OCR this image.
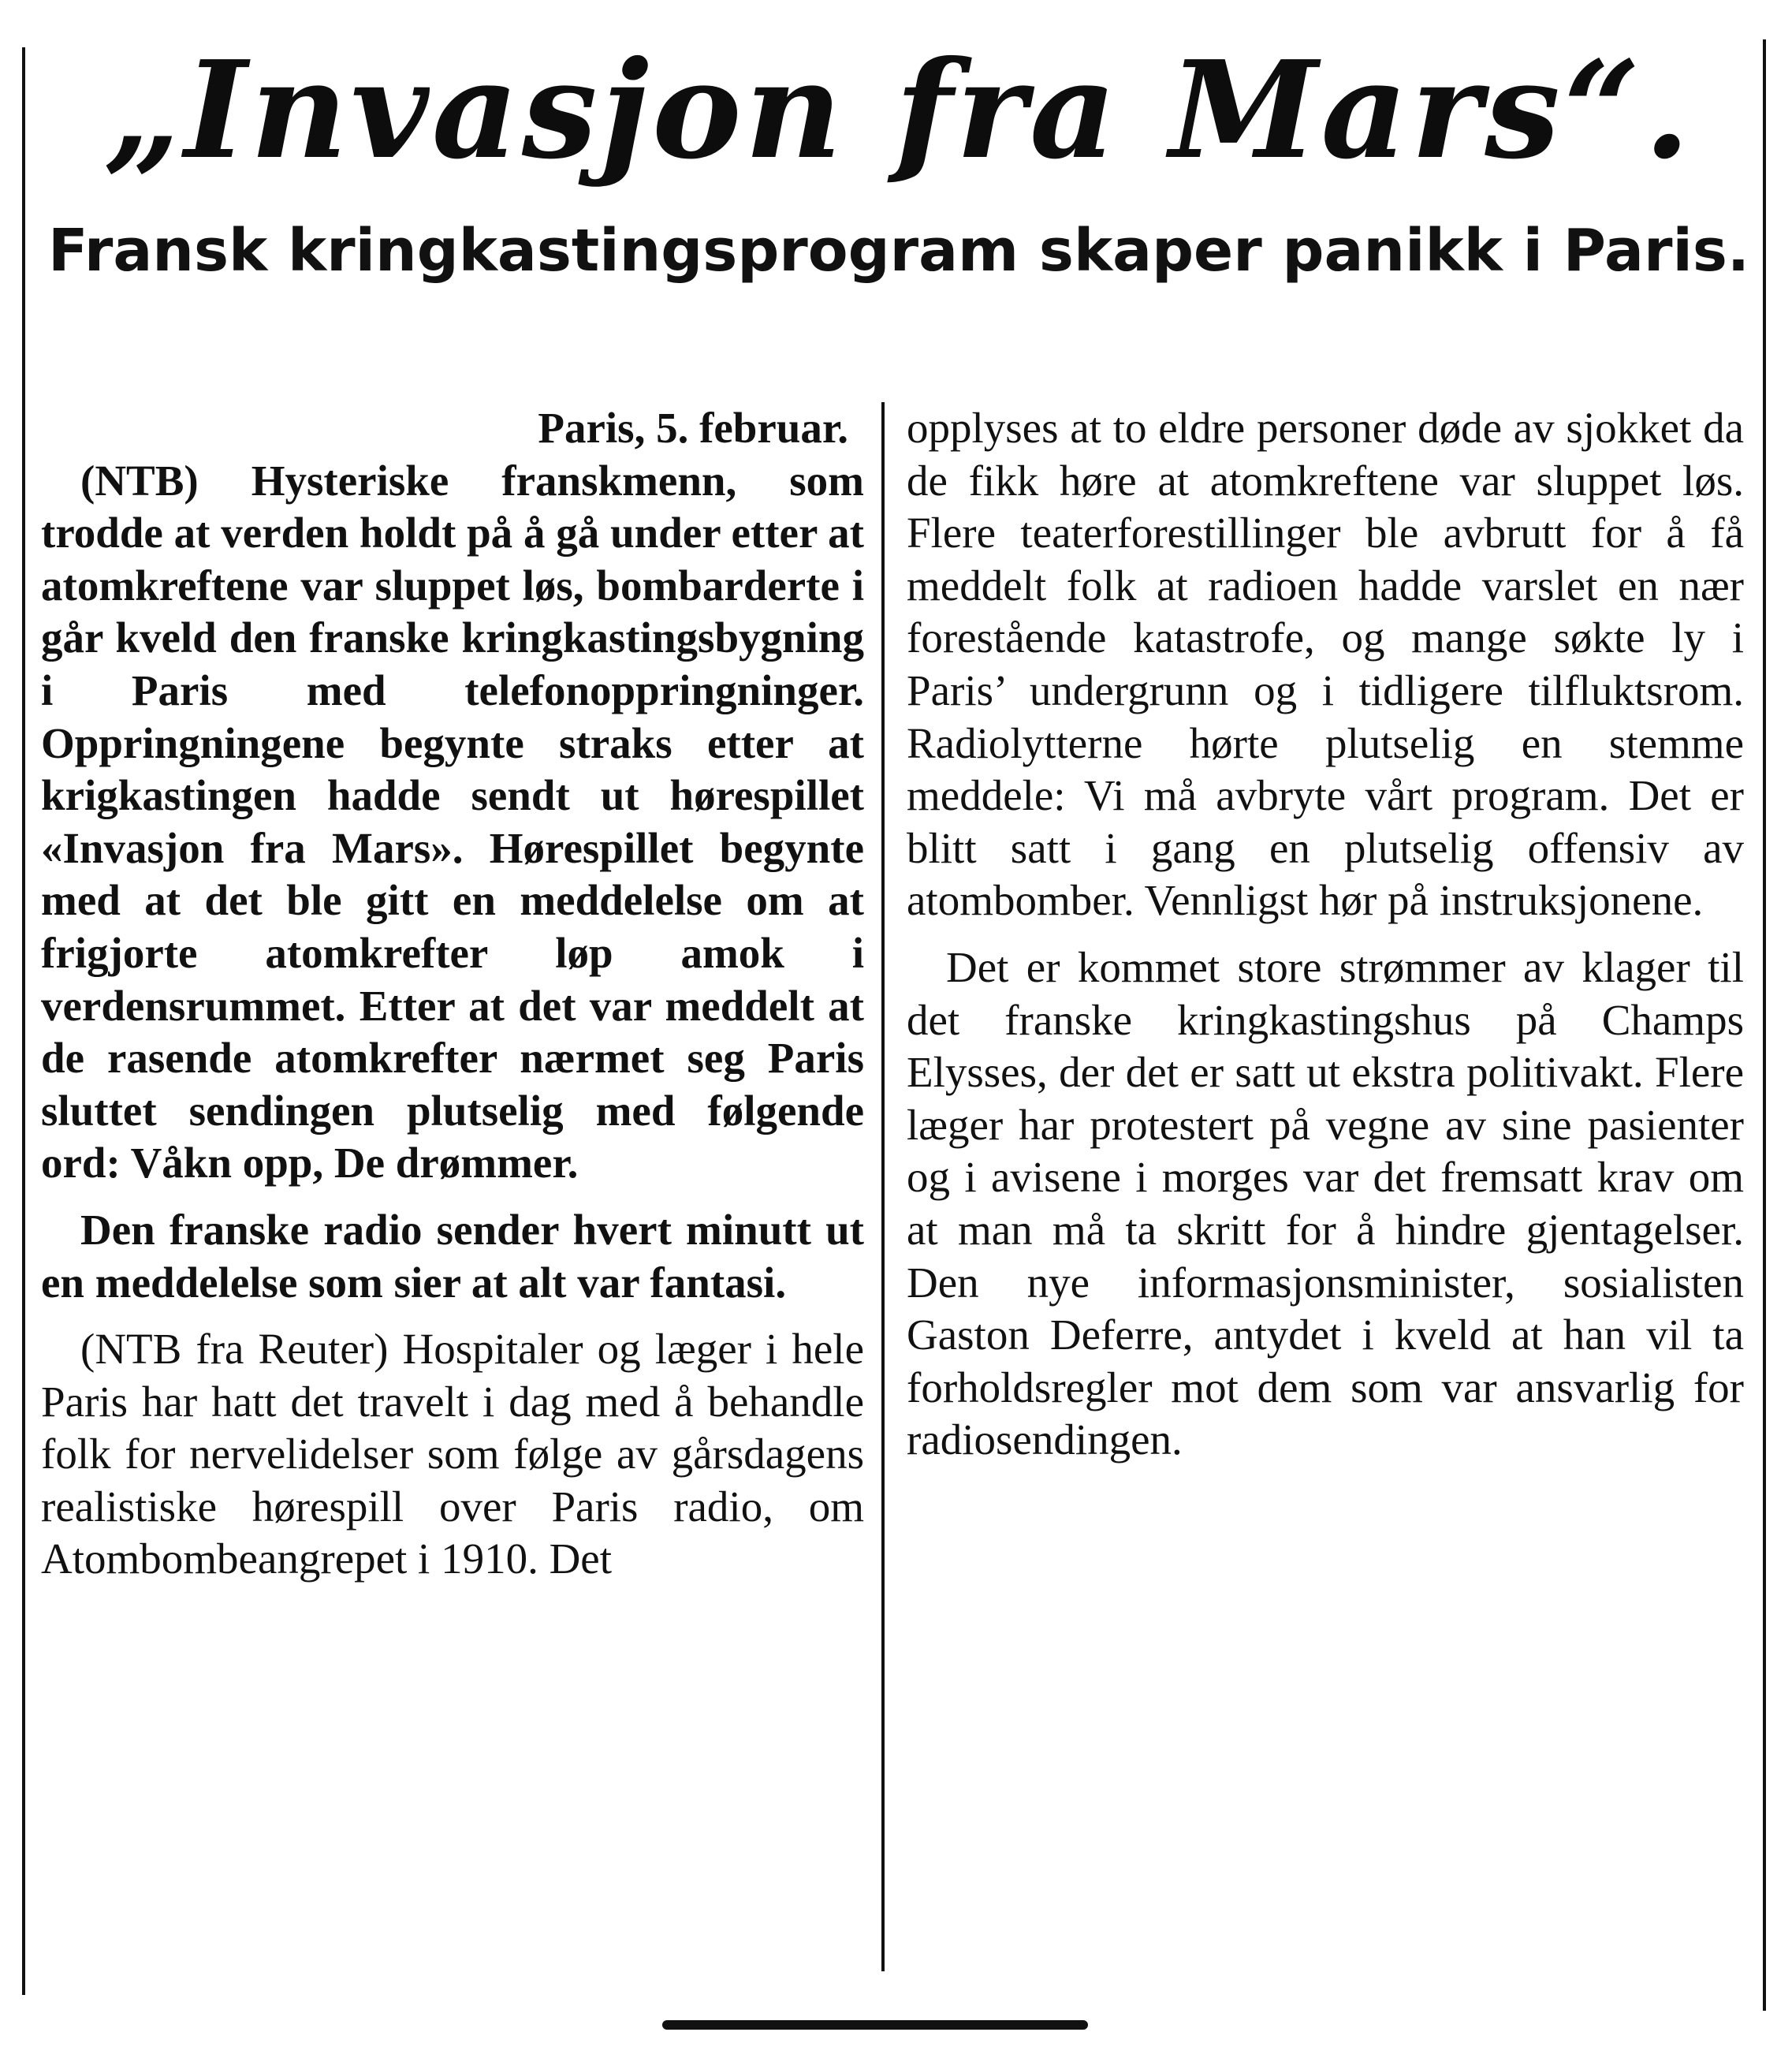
„Invasjon fra Mars“.
Fransk kringkastingsprogram skaper panikk i Paris.

Paris, 5. februar.

(NTB) Hysteriske franskmenn, som trodde at verden holdt på å gå under etter at atomkreftene var sluppet løs, bombarderte i går kveld den franske kringkastingsbygning i Paris med telefonoppringninger. Oppringningene begynte straks etter at krigkastingen hadde sendt ut hørespillet «Invasjon fra Mars». Hørespillet begynte med at det ble gitt en meddelelse om at frigjorte atomkrefter løp amok i verdensrummet. Etter at det var meddelt at de rasende atomkrefter nærmet seg Paris sluttet sendingen plutselig med følgende ord: Våkn opp, De drømmer.

Den franske radio sender hvert minutt ut en meddelelse som sier at alt var fantasi.

(NTB fra Reuter) Hospitaler og læger i hele Paris har hatt det travelt i dag med å behandle folk for nervelidelser som følge av gårsdagens realistiske hørespill over Paris radio, om Atombombeangrepet i 1910. Det

opplyses at to eldre personer døde av sjokket da de fikk høre at atomkreftene var sluppet løs. Flere teaterforestillinger ble avbrutt for å få meddelt folk at radioen hadde varslet en nær forestående katastrofe, og mange søkte ly i Paris’ undergrunn og i tidligere tilfluktsrom. Radiolytterne hørte plutselig en stemme meddele: Vi må avbryte vårt program. Det er blitt satt i gang en plutselig offensiv av atombomber. Vennligst hør på instruksjonene.

Det er kommet store strømmer av klager til det franske kringkastingshus på Champs Elysses, der det er satt ut ekstra politivakt. Flere læger har protestert på vegne av sine pasienter og i avisene i morges var det fremsatt krav om at man må ta skritt for å hindre gjentagelser. Den nye informasjonsminister, sosialisten Gaston Deferre, antydet i kveld at han vil ta forholdsregler mot dem som var ansvarlig for radiosendingen.
